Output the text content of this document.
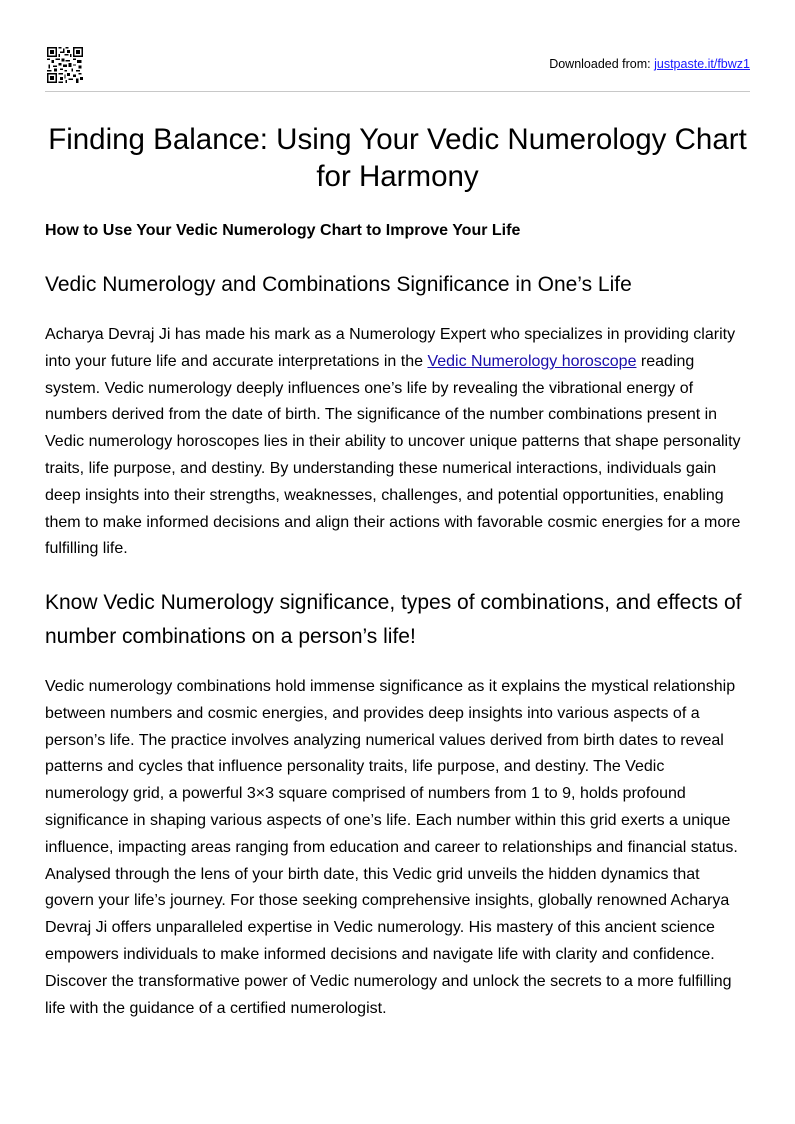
Downloaded from: justpaste.it/fbwz1
Finding Balance: Using Your Vedic Numerology Chart for Harmony

How to Use Your Vedic Numerology Chart to Improve Your Life

Vedic Numerology and Combinations Significance in One’s Life

Acharya Devraj Ji has made his mark as a Numerology Expert who specializes in providing clarity into your future life and accurate interpretations in the Vedic Numerology horoscope reading system. Vedic numerology deeply influences one’s life by revealing the vibrational energy of numbers derived from the date of birth. The significance of the number combinations present in Vedic numerology horoscopes lies in their ability to uncover unique patterns that shape personality traits, life purpose, and destiny. By understanding these numerical interactions, individuals gain deep insights into their strengths, weaknesses, challenges, and potential opportunities, enabling them to make informed decisions and align their actions with favorable cosmic energies for a more fulfilling life.

Know Vedic Numerology significance, types of combinations, and effects of number combinations on a person’s life!

Vedic numerology combinations hold immense significance as it explains the mystical relationship between numbers and cosmic energies, and provides deep insights into various aspects of a person’s life. The practice involves analyzing numerical values derived from birth dates to reveal patterns and cycles that influence personality traits, life purpose, and destiny. The Vedic numerology grid, a powerful 3×3 square comprised of numbers from 1 to 9, holds profound significance in shaping various aspects of one’s life. Each number within this grid exerts a unique influence, impacting areas ranging from education and career to relationships and financial status. Analysed through the lens of your birth date, this Vedic grid unveils the hidden dynamics that govern your life’s journey. For those seeking comprehensive insights, globally renowned Acharya Devraj Ji offers unparalleled expertise in Vedic numerology. His mastery of this ancient science empowers individuals to make informed decisions and navigate life with clarity and confidence. Discover the transformative power of Vedic numerology and unlock the secrets to a more fulfilling life with the guidance of a certified numerologist.
